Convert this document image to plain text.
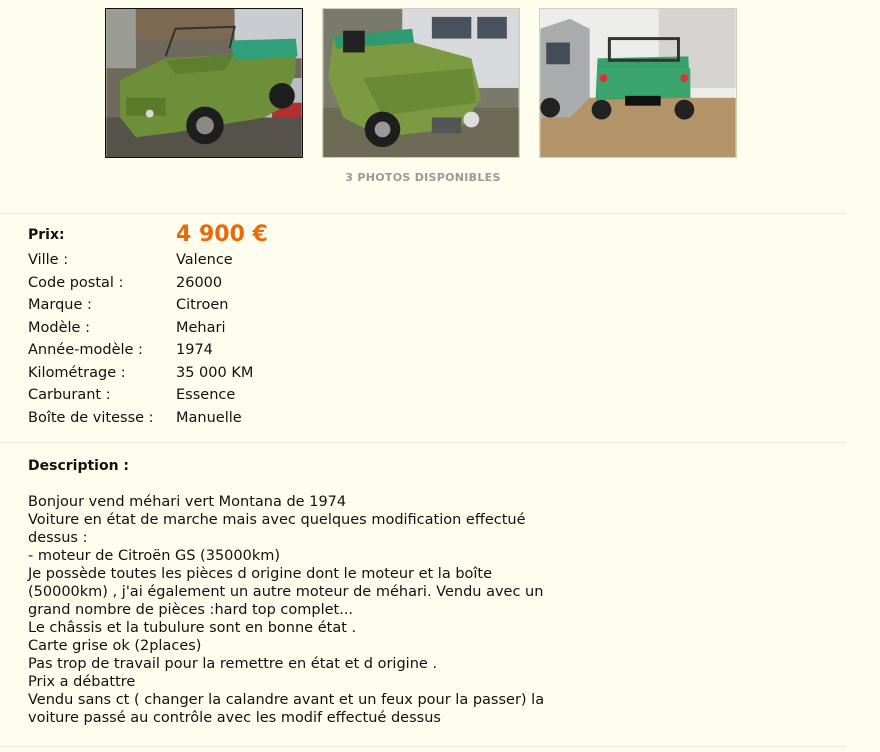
3 PHOTOS DISPONIBLES
Prix:	4 900 €
Ville :	Valence
Code postal :	26000
Marque :	Citroen
Modèle :	Mehari
Année-modèle : 1974
Kilométrage :	35 000 KM
Carburant :	Essence
Boîte de vitesse : Manuelle
Description :
Bonjour vend méhari vert Montana de 1974
Voiture en état de marche mais avec quelques modification effectué
dessus :
- moteur de Citroën GS (35000km)
Je possède toutes les pièces d origine dont le moteur et la boîte
(50000km) , j'ai également un autre moteur de méhari. Vendu avec un
grand nombre de pièces :hard top complet...
Le châssis et la tubulure sont en bonne état .
Carte grise ok (2places)
Pas trop de travail pour la remettre en état et d origine .
Prix a débattre
Vendu sans ct ( changer la calandre avant et un feux pour la passer) la
voiture passé au contrôle avec les modif effectué dessus
